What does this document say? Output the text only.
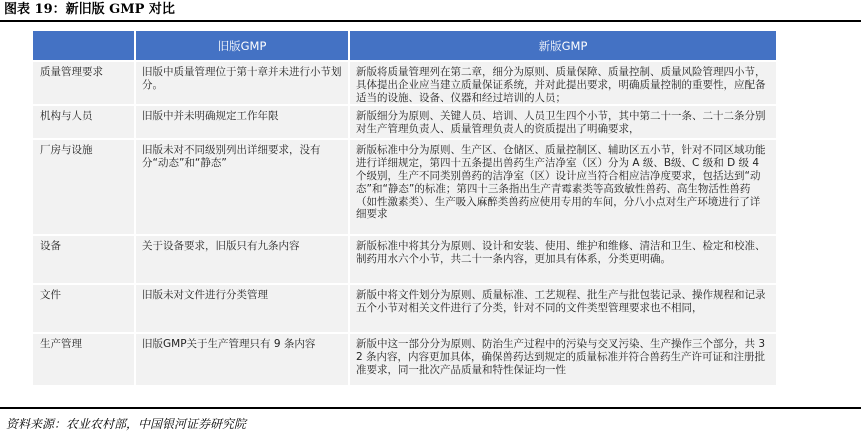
图表 19：新旧版 GMP 对比
	旧版GMP	新版GMP
质量管理要求	旧版中质量管理位于第十章并未进行小节划分。	新版将质量管理列在第二章，细分为原则、质量保障、质量控制、质量风险管理四小节，具体提出企业应当建立质量保证系统，并对此提出要求，明确质量控制的重要性，应配备适当的设施、设备、仪器和经过培训的人员；
机构与人员	旧版中并未明确规定工作年限	新版细分为原则、关键人员、培训、人员卫生四个小节，其中第二十一条、二十二条分别对生产管理负责人、质量管理负责人的资质提出了明确要求，
厂房与设施	旧版未对不同级别列出详细要求，没有分“动态”和“静态”	新版标准中分为原则、生产区、仓储区、质量控制区、辅助区五小节，针对不同区域功能进行详细规定，第四十五条提出兽药生产洁净室（区）分为 A 级、B级、C 级和 D 级 4 个级别，生产不同类别兽药的洁净室（区）设计应当符合相应洁净度要求，包括达到“动态”和“静态”的标准；第四十三条指出生产青霉素类等高致敏性兽药、高生物活性兽药（如性激素类）、生产吸入麻醉类兽药应使用专用的车间，分八小点对生产环境进行了详细要求
设备	关于设备要求，旧版只有九条内容	新版标准中将其分为原则、设计和安装、使用、维护和维修、清洁和卫生、检定和校准、制药用水六个小节，共二十一条内容，更加具有体系，分类更明确。
文件	旧版未对文件进行分类管理	新版中将文件划分为原则、质量标准、工艺规程、批生产与批包装记录、操作规程和记录五个小节对相关文件进行了分类，针对不同的文件类型管理要求也不相同，
生产管理	旧版GMP关于生产管理只有 9 条内容	新版中这一部分分为原则、防治生产过程中的污染与交叉污染、生产操作三个部分，共 32 条内容，内容更加具体，确保兽药达到规定的质量标准并符合兽药生产许可证和注册批准要求，同一批次产品质量和特性保证均一性
资料来源：农业农村部，中国银河证券研究院
